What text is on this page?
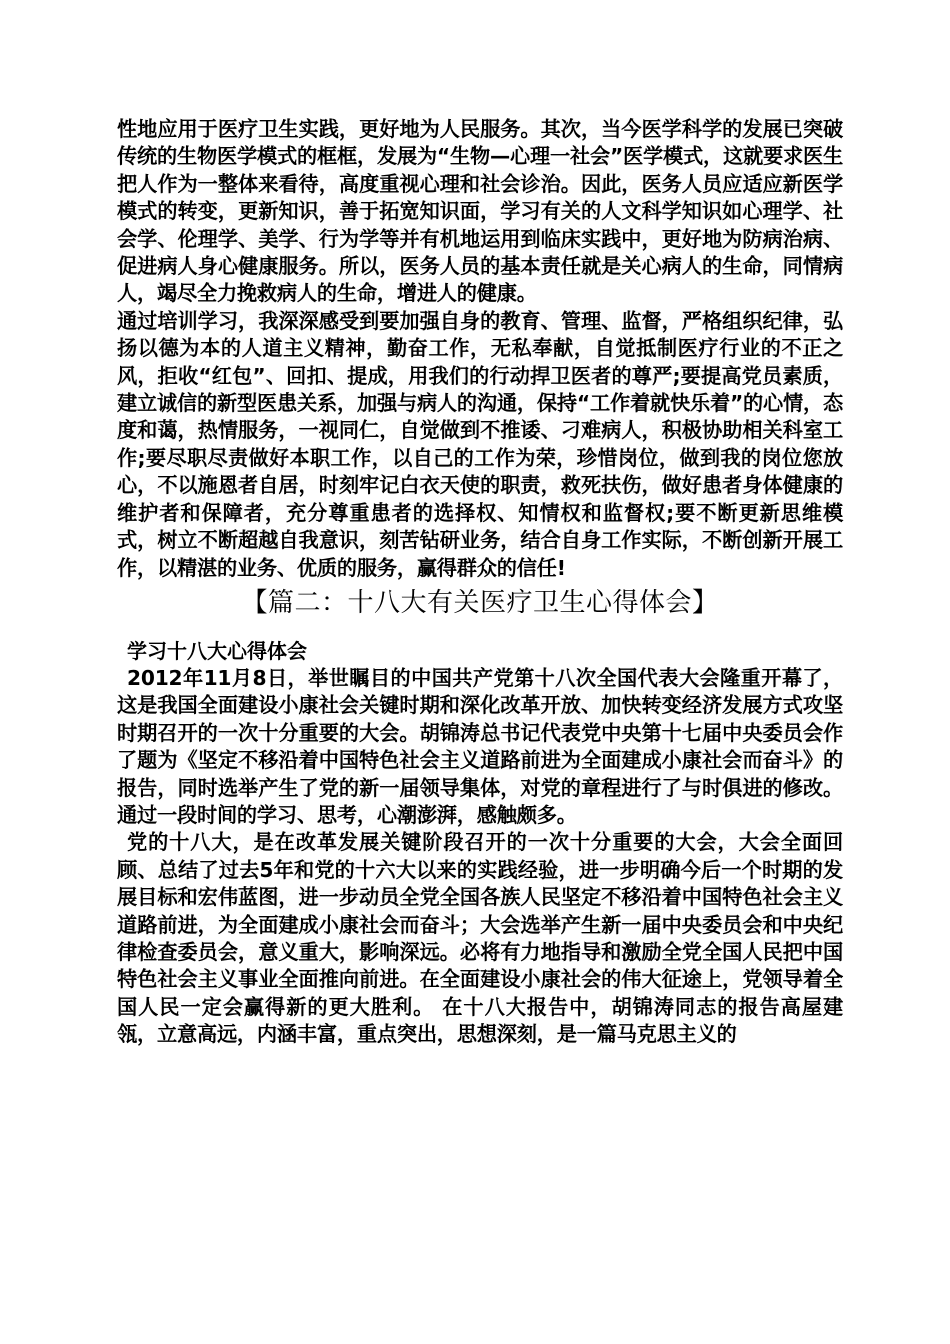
性地应用于医疗卫生实践，更好地为人民服务。其次，当今医学科学的发展已突破传统的生物医学模式的框框，发展为“生物—心理一社会”医学模式，这就要求医生把人作为一整体来看待，高度重视心理和社会诊治。因此，医务人员应适应新医学模式的转变，更新知识，善于拓宽知识面，学习有关的人文科学知识如心理学、社会学、伦理学、美学、行为学等并有机地运用到临床实践中，更好地为防病治病、促进病人身心健康服务。所以，医务人员的基本责任就是关心病人的生命，同情病人，竭尽全力挽救病人的生命，增进人的健康。

通过培训学习，我深深感受到要加强自身的教育、管理、监督，严格组织纪律，弘扬以德为本的人道主义精神，勤奋工作，无私奉献，自觉抵制医疗行业的不正之风，拒收“红包”、回扣、提成，用我们的行动捍卫医者的尊严;要提高党员素质，建立诚信的新型医患关系，加强与病人的沟通，保持“工作着就快乐着”的心情，态度和蔼，热情服务，一视同仁，自觉做到不推诿、刁难病人，积极协助相关科室工作;要尽职尽责做好本职工作，以自己的工作为荣，珍惜岗位，做到我的岗位您放心，不以施恩者自居，时刻牢记白衣天使的职责，救死扶伤，做好患者身体健康的维护者和保障者，充分尊重患者的选择权、知情权和监督权;要不断更新思维模式，树立不断超越自我意识，刻苦钻研业务，结合自身工作实际，不断创新开展工作，以精湛的业务、优质的服务，赢得群众的信任!

【篇二：十八大有关医疗卫生心得体会】

学习十八大心得体会

2012年11月8日，举世瞩目的中国共产党第十八次全国代表大会隆重开幕了，这是我国全面建设小康社会关键时期和深化改革开放、加快转变经济发展方式攻坚时期召开的一次十分重要的大会。胡锦涛总书记代表党中央第十七届中央委员会作了题为《坚定不移沿着中国特色社会主义道路前进为全面建成小康社会而奋斗》的报告，同时选举产生了党的新一届领导集体，对党的章程进行了与时俱进的修改。通过一段时间的学习、思考，心潮澎湃，感触颇多。

党的十八大，是在改革发展关键阶段召开的一次十分重要的大会，大会全面回顾、总结了过去5年和党的十六大以来的实践经验，进一步明确今后一个时期的发展目标和宏伟蓝图，进一步动员全党全国各族人民坚定不移沿着中国特色社会主义道路前进，为全面建成小康社会而奋斗；大会选举产生新一届中央委员会和中央纪律检查委员会，意义重大，影响深远。必将有力地指导和激励全党全国人民把中国特色社会主义事业全面推向前进。在全面建设小康社会的伟大征途上，党领导着全国人民一定会赢得新的更大胜利。 在十八大报告中，胡锦涛同志的报告高屋建瓴，立意高远，内涵丰富，重点突出，思想深刻，是一篇马克思主义的
